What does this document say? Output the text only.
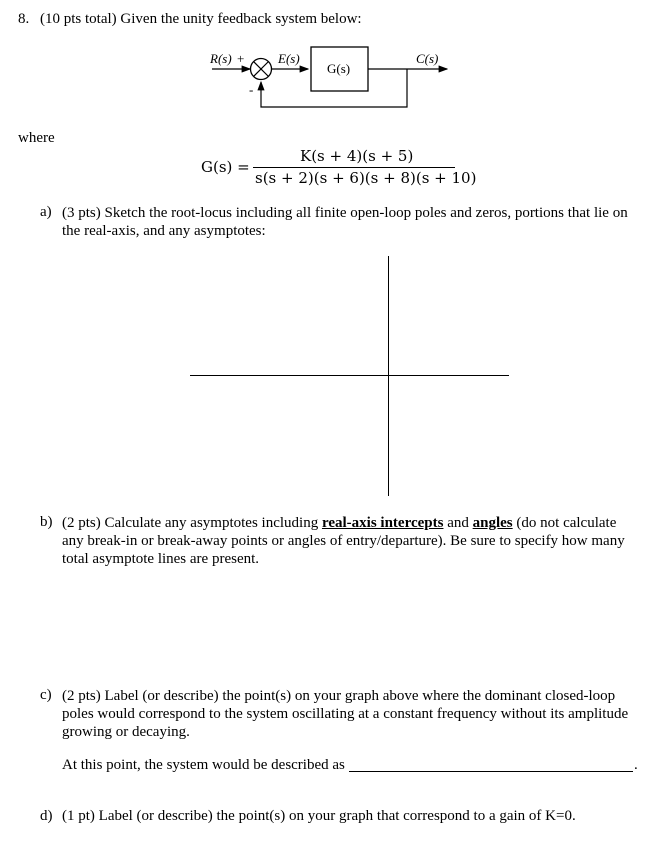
8. (10 pts total) Given the unity feedback system below:
R(s) +
-
E(s)
G(s)
C(s)
where
G(s) =
K(s + 4)(s + 5)
s(s + 2)(s + 6)(s + 8)(s + 10)
a) (3 pts) Sketch the root-locus including all finite open-loop poles and zeros, portions that lie on the real-axis, and any asymptotes:
b) (2 pts) Calculate any asymptotes including real-axis intercepts and angles (do not calculate any break-in or break-away points or angles of entry/departure). Be sure to specify how many total asymptote lines are present.
c) (2 pts) Label (or describe) the point(s) on your graph above where the dominant closed-loop poles would correspond to the system oscillating at a constant frequency without its amplitude growing or decaying.
At this point, the system would be described as	.
d) (1 pt) Label (or describe) the point(s) on your graph that correspond to a gain of K=0.
